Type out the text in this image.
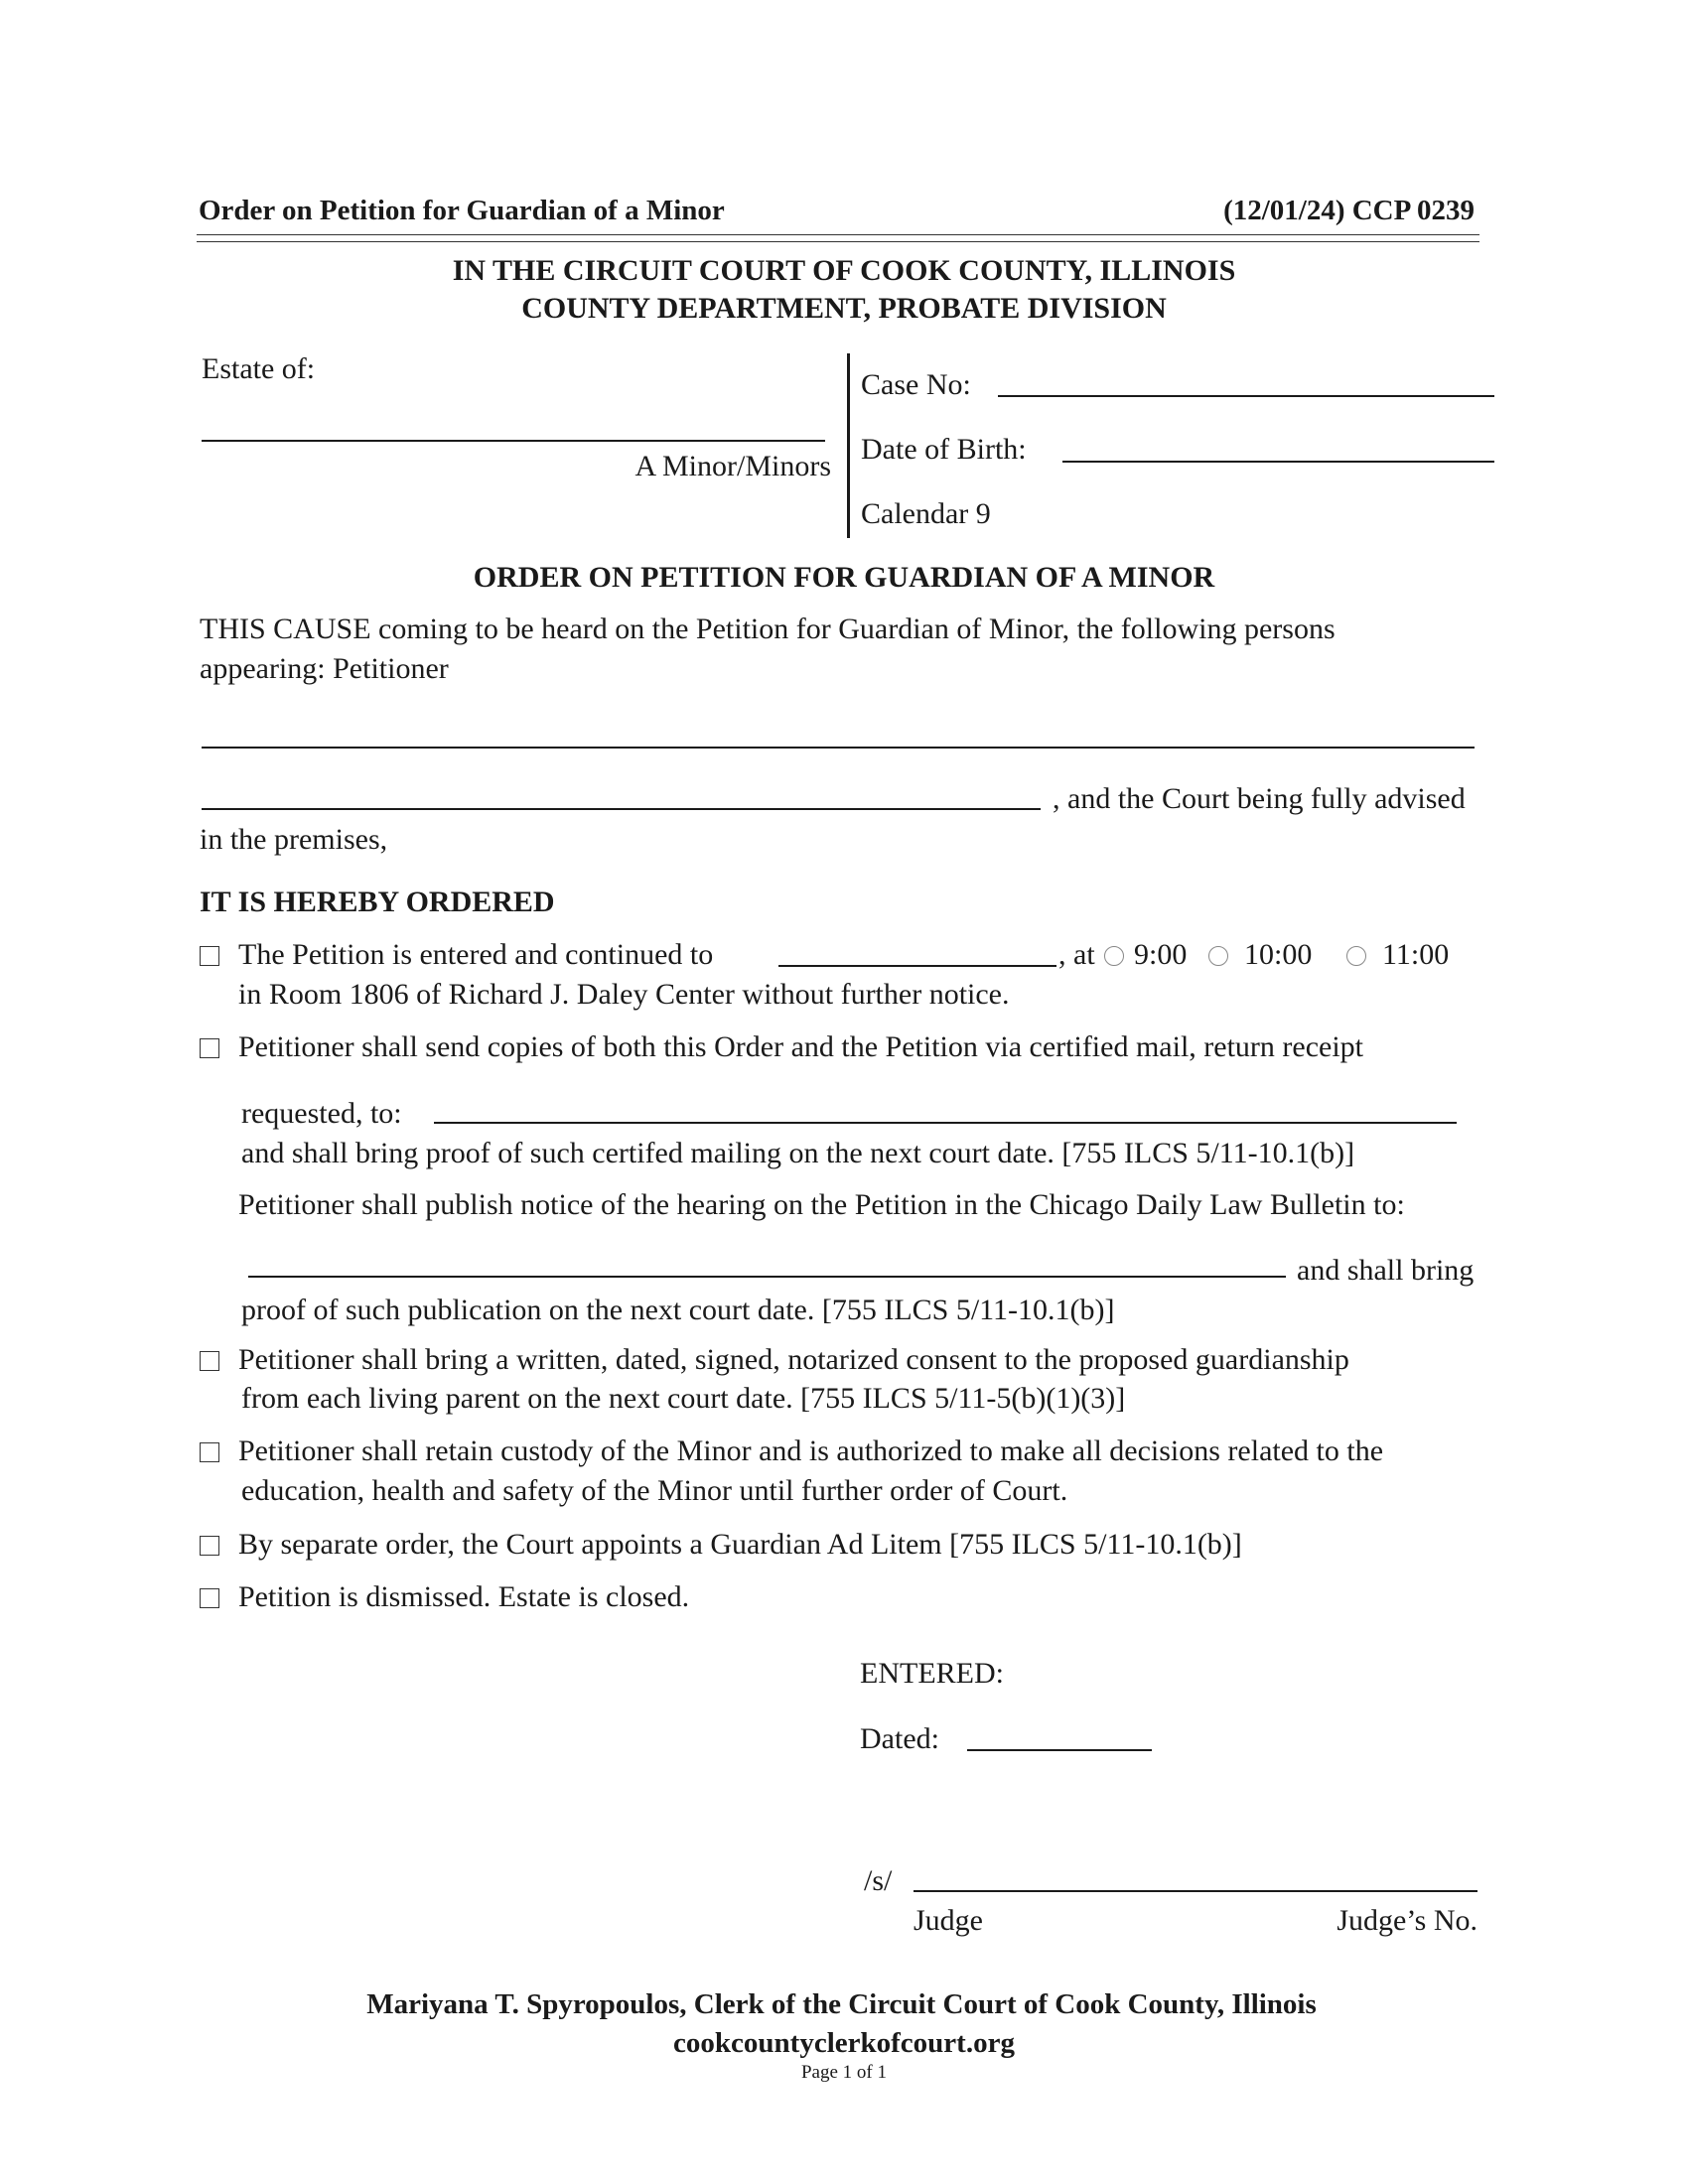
Order on Petition for Guardian of a Minor	(12/01/24) CCP 0239
IN THE CIRCUIT COURT OF COOK COUNTY, ILLINOIS
COUNTY DEPARTMENT, PROBATE DIVISION
Estate of:
A Minor/Minors
Case No:
Date of Birth:
Calendar 9
ORDER ON PETITION FOR GUARDIAN OF A MINOR
THIS CAUSE coming to be heard on the Petition for Guardian of Minor, the following persons
appearing: Petitioner
, and the Court being fully advised
in the premises,
IT IS HEREBY ORDERED
The Petition is entered and continued to	, at	9:00	10:00	11:00
in Room 1806 of Richard J. Daley Center without further notice.
Petitioner shall send copies of both this Order and the Petition via certified mail, return receipt
requested, to:
and shall bring proof of such certifed mailing on the next court date. [755 ILCS 5/11-10.1(b)]
Petitioner shall publish notice of the hearing on the Petition in the Chicago Daily Law Bulletin to:
and shall bring
proof of such publication on the next court date. [755 ILCS 5/11-10.1(b)]
Petitioner shall bring a written, dated, signed, notarized consent to the proposed guardianship
from each living parent on the next court date. [755 ILCS 5/11-5(b)(1)(3)]
Petitioner shall retain custody of the Minor and is authorized to make all decisions related to the
education, health and safety of the Minor until further order of Court.
By separate order, the Court appoints a Guardian Ad Litem [755 ILCS 5/11-10.1(b)]
Petition is dismissed. Estate is closed.
ENTERED:
Dated:
/s/
Judge	Judge’s No.
Mariyana T. Spyropoulos, Clerk of the Circuit Court of Cook County, Illinois
cookcountyclerkofcourt.org
Page 1 of 1
